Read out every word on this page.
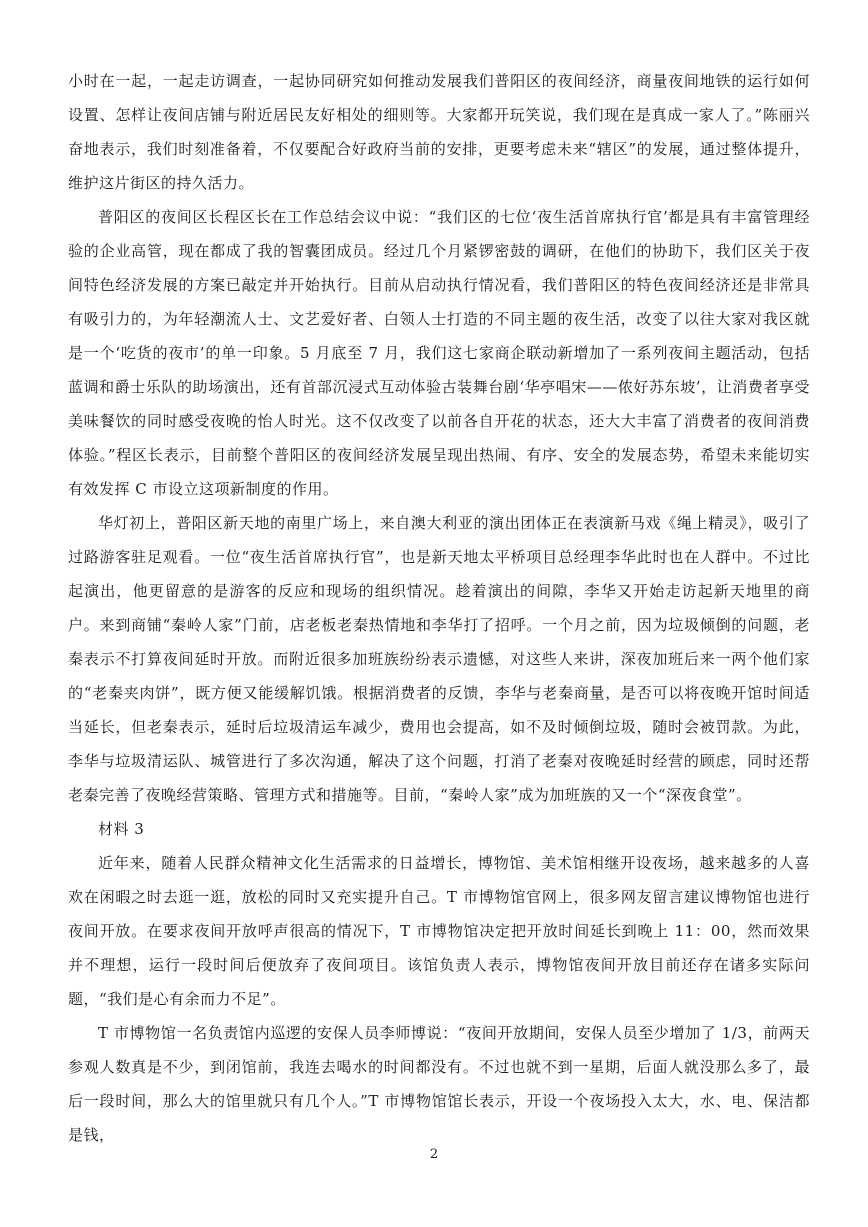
小时在一起，一起走访调查，一起协同研究如何推动发展我们普阳区的夜间经济，商量夜间地铁的运行如何设置、怎样让夜间店铺与附近居民友好相处的细则等。大家都开玩笑说，我们现在是真成一家人了。”陈丽兴奋地表示，我们时刻准备着，不仅要配合好政府当前的安排，更要考虑未来“辖区”的发展，通过整体提升，维护这片街区的持久活力。

普阳区的夜间区长程区长在工作总结会议中说：“我们区的七位‘夜生活首席执行官’都是具有丰富管理经验的企业高管，现在都成了我的智囊团成员。经过几个月紧锣密鼓的调研，在他们的协助下，我们区关于夜间特色经济发展的方案已敲定并开始执行。目前从启动执行情况看，我们普阳区的特色夜间经济还是非常具有吸引力的，为年轻潮流人士、文艺爱好者、白领人士打造的不同主题的夜生活，改变了以往大家对我区就是一个‘吃货的夜市’的单一印象。5 月底至 7 月，我们这七家商企联动新增加了一系列夜间主题活动，包括蓝调和爵士乐队的助场演出，还有首部沉浸式互动体验古装舞台剧‘华亭唱宋——侬好苏东坡’，让消费者享受美味餐饮的同时感受夜晚的怡人时光。这不仅改变了以前各自开花的状态，还大大丰富了消费者的夜间消费体验。”程区长表示，目前整个普阳区的夜间经济发展呈现出热闹、有序、安全的发展态势，希望未来能切实有效发挥 C 市设立这项新制度的作用。

华灯初上，普阳区新天地的南里广场上，来自澳大利亚的演出团体正在表演新马戏《绳上精灵》，吸引了过路游客驻足观看。一位“夜生活首席执行官”，也是新天地太平桥项目总经理李华此时也在人群中。不过比起演出，他更留意的是游客的反应和现场的组织情况。趁着演出的间隙，李华又开始走访起新天地里的商户。来到商铺“秦岭人家”门前，店老板老秦热情地和李华打了招呼。一个月之前，因为垃圾倾倒的问题，老秦表示不打算夜间延时开放。而附近很多加班族纷纷表示遗憾，对这些人来讲，深夜加班后来一两个他们家的“老秦夹肉饼”，既方便又能缓解饥饿。根据消费者的反馈，李华与老秦商量，是否可以将夜晚开馆时间适当延长，但老秦表示，延时后垃圾清运车减少，费用也会提高，如不及时倾倒垃圾，随时会被罚款。为此，李华与垃圾清运队、城管进行了多次沟通，解决了这个问题，打消了老秦对夜晚延时经营的顾虑，同时还帮老秦完善了夜晚经营策略、管理方式和措施等。目前，“秦岭人家”成为加班族的又一个“深夜食堂”。

材料 3

近年来，随着人民群众精神文化生活需求的日益增长，博物馆、美术馆相继开设夜场，越来越多的人喜欢在闲暇之时去逛一逛，放松的同时又充实提升自己。T 市博物馆官网上，很多网友留言建议博物馆也进行夜间开放。在要求夜间开放呼声很高的情况下，T 市博物馆决定把开放时间延长到晚上 11：00，然而效果并不理想，运行一段时间后便放弃了夜间项目。该馆负责人表示，博物馆夜间开放目前还存在诸多实际问题，“我们是心有余而力不足”。

T 市博物馆一名负责馆内巡逻的安保人员李师博说：“夜间开放期间，安保人员至少增加了 1/3，前两天参观人数真是不少，到闭馆前，我连去喝水的时间都没有。不过也就不到一星期，后面人就没那么多了，最后一段时间，那么大的馆里就只有几个人。”T 市博物馆馆长表示，开设一个夜场投入太大，水、电、保洁都是钱，

2
